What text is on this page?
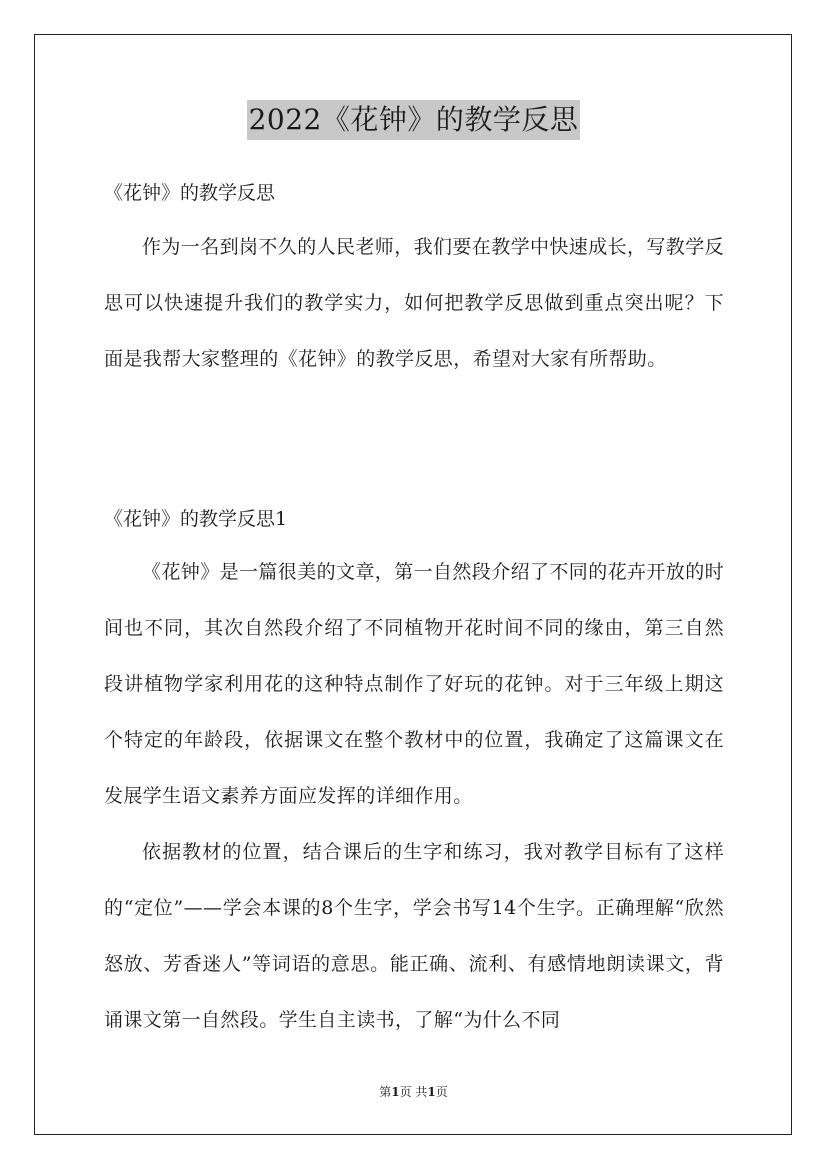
2022《花钟》的教学反思
《花钟》的教学反思

作为一名到岗不久的人民老师，我们要在教学中快速成长，写教学反思可以快速提升我们的教学实力，如何把教学反思做到重点突出呢？下面是我帮大家整理的《花钟》的教学反思，希望对大家有所帮助。

《花钟》的教学反思1

《花钟》是一篇很美的文章，第一自然段介绍了不同的花卉开放的时间也不同，其次自然段介绍了不同植物开花时间不同的缘由，第三自然段讲植物学家利用花的这种特点制作了好玩的花钟。对于三年级上期这个特定的年龄段，依据课文在整个教材中的位置，我确定了这篇课文在发展学生语文素养方面应发挥的详细作用。

依据教材的位置，结合课后的生字和练习，我对教学目标有了这样的“定位”——学会本课的8个生字，学会书写14个生字。正确理解“欣然怒放、芳香迷人”等词语的意思。能正确、流利、有感情地朗读课文，背诵课文第一自然段。学生自主读书，了解“为什么不同

第1页 共1页
